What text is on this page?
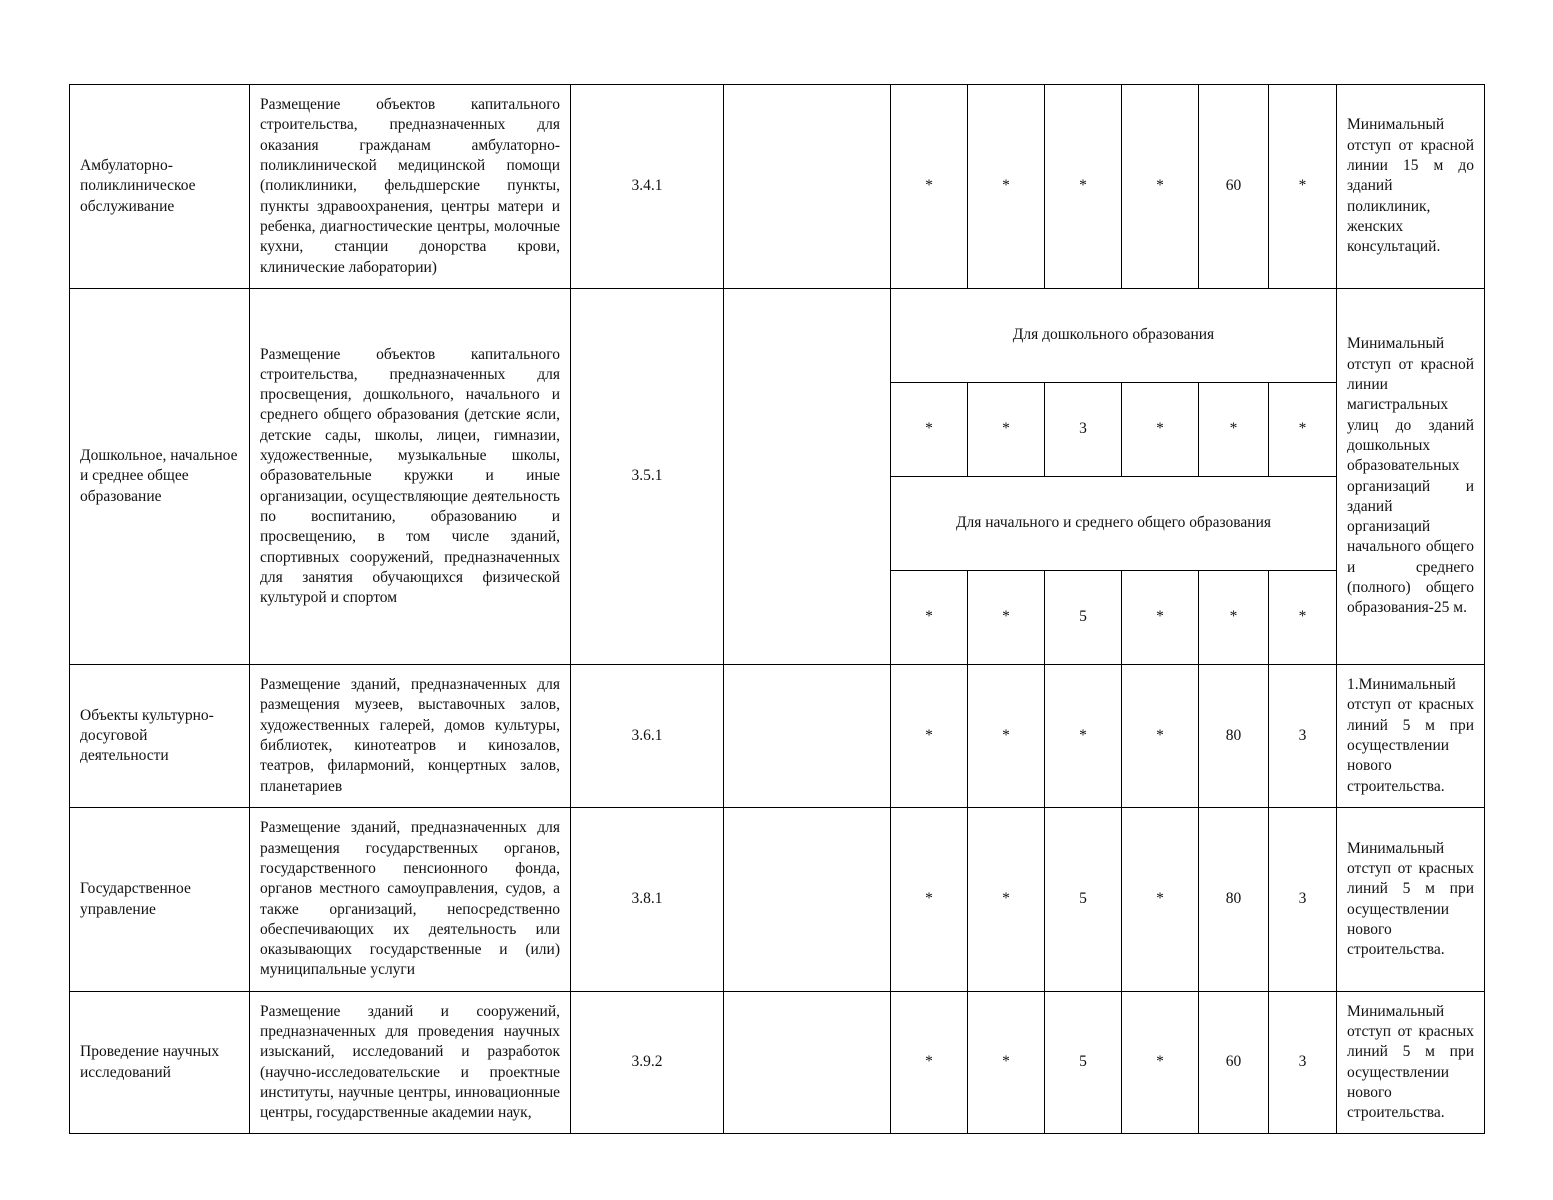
Амбулаторно-поликлиническое обслуживание	Размещение объектов капитального строительства, предназначенных для оказания гражданам амбулаторно-поликлинической медицинской помощи (поликлиники, фельдшерские пункты, пункты здравоохранения, центры матери и ребенка, диагностические центры, молочные кухни, станции донорства крови, клинические лаборатории)	3.4.1		*	*	*	*	60	*	Минимальный отступ от красной линии 15 м до зданий поликлиник, женских консультаций.

Дошкольное, начальное и среднее общее образование	Размещение объектов капитального строительства, предназначенных для просвещения, дошкольного, начального и среднего общего образования (детские ясли, детские сады, школы, лицеи, гимназии, художественные, музыкальные школы, образовательные кружки и иные организации, осуществляющие деятельность по воспитанию, образованию и просвещению, в том числе зданий, спортивных сооружений, предназначенных для занятия обучающихся физической культурой и спортом	3.5.1		Для дошкольного образования						Минимальный отступ от красной линии магистральных улиц до зданий дошкольных образовательных организаций и зданий организаций начального общего и среднего (полного) общего образования-25 м.

				*	*	3	*	*	*	
				Для начального и среднего общего образования						
				*	*	5	*	*	*	

Объекты культурно-досуговой деятельности	Размещение зданий, предназначенных для размещения музеев, выставочных залов, художественных галерей, домов культуры, библиотек, кинотеатров и кинозалов, театров, филармоний, концертных залов, планетариев	3.6.1		*	*	*	*	80	3	1.Минимальный отступ от красных линий 5 м при осуществлении нового строительства.

Государственное управление	Размещение зданий, предназначенных для размещения государственных органов, государственного пенсионного фонда, органов местного самоуправления, судов, а также организаций, непосредственно обеспечивающих их деятельность или оказывающих государственные и (или) муниципальные услуги	3.8.1		*	*	5	*	80	3	Минимальный отступ от красных линий 5 м при осуществлении нового строительства.

Проведение научных исследований	Размещение зданий и сооружений, предназначенных для проведения научных изысканий, исследований и разработок (научно-исследовательские и проектные институты, научные центры, инновационные центры, государственные академии наук,	3.9.2		*	*	5	*	60	3	Минимальный отступ от красных линий 5 м при осуществлении нового строительства.
